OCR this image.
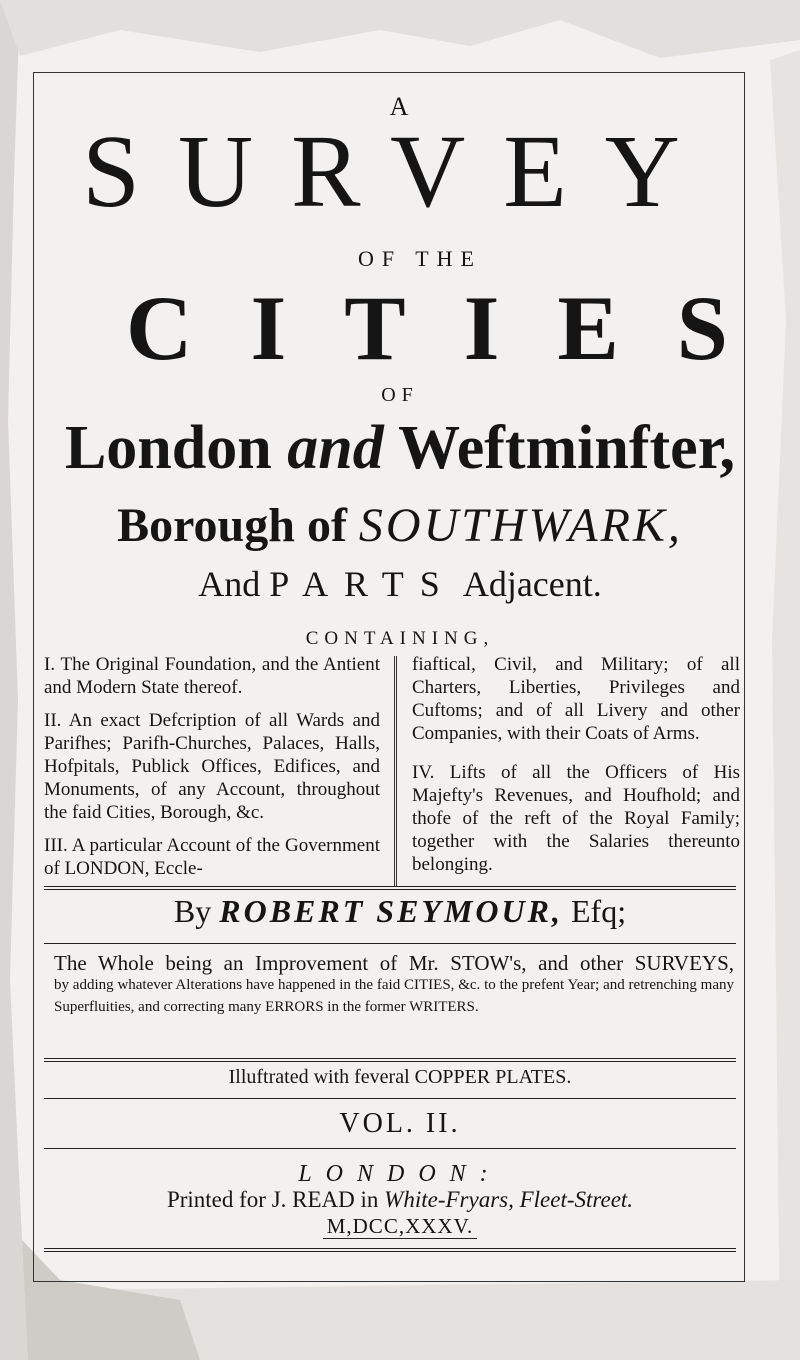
A
SURVEY
OF THE
CITIES
OF
London and Weftminfter,
Borough of SOUTHWARK,
And PARTS Adjacent.
CONTAINING,

I. The Original Foundation, and the Antient and Modern State thereof.

II. An exact Defcription of all Wards and Parifhes; Parifh-Churches, Palaces, Halls, Hofpitals, Publick Offices, Edifices, and Monuments, of any Account, throughout the faid Cities, Borough, &c.

III. A particular Account of the Government of LONDON, Eccle-

fiaftical, Civil, and Military; of all Charters, Liberties, Privileges and Cuftoms; and of all Livery and other Companies, with their Coats of Arms.

IV. Lifts of all the Officers of His Majefty's Revenues, and Houfhold; and thofe of the reft of the Royal Family; together with the Salaries thereunto belonging.

By ROBERT SEYMOUR, Efq;
The Whole being an Improvement of Mr. STOW's, and other SURVEYS,
by adding whatever Alterations have happened in the faid CITIES, &c. to the prefent Year; and retrenching many Superfluities, and correcting many ERRORS in the former WRITERS.
Illuftrated with feveral COPPER PLATES.
VOL. II.
LONDON:
Printed for J. READ in White-Fryars, Fleet-Street.
M,DCC,XXXV.
